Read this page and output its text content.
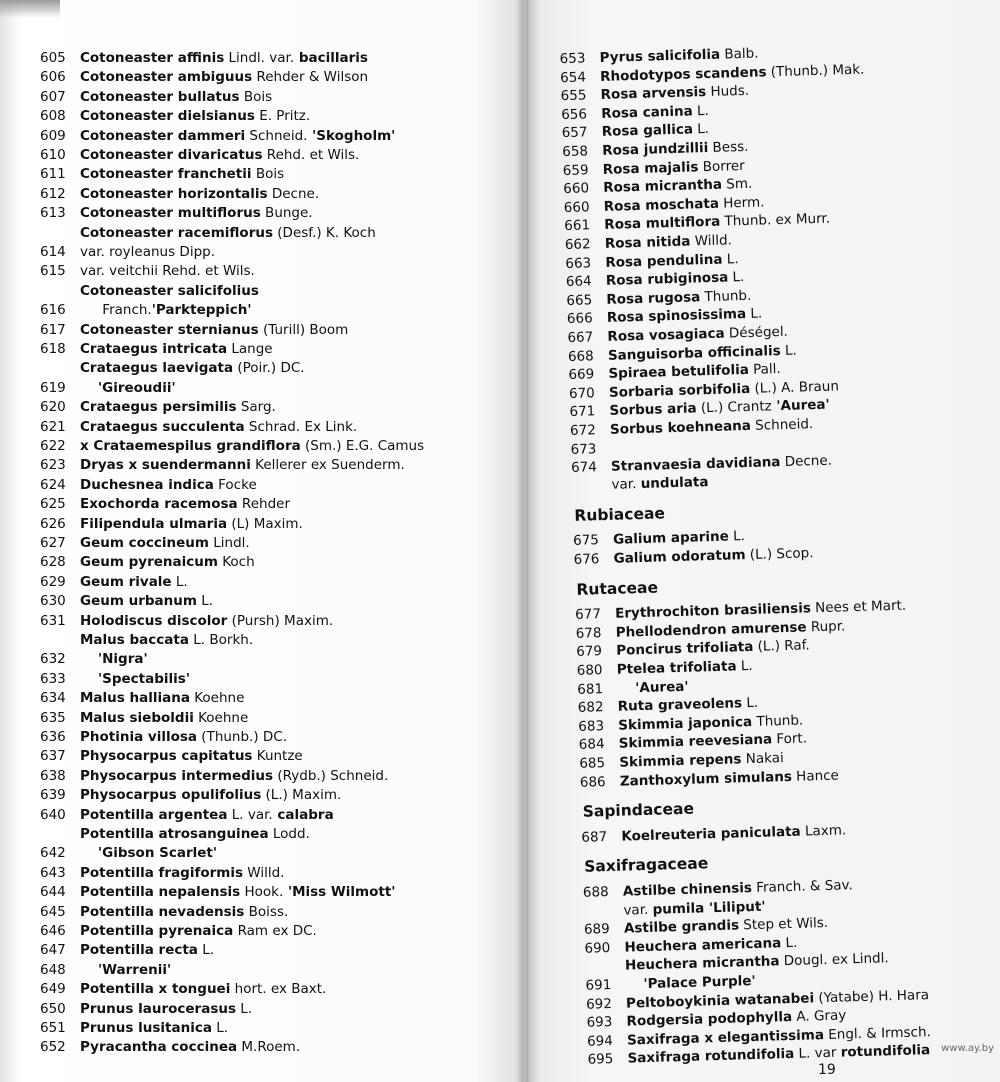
605 Cotoneaster affinis Lindl. var. bacillaris
606 Cotoneaster ambiguus Rehder & Wilson
607 Cotoneaster bullatus Bois
608 Cotoneaster dielsianus E. Pritz.
609 Cotoneaster dammeri Schneid. 'Skogholm'
610 Cotoneaster divaricatus Rehd. et Wils.
611 Cotoneaster franchetii Bois
612 Cotoneaster horizontalis Decne.
613 Cotoneaster multiflorus Bunge.
Cotoneaster racemiflorus (Desf.) K. Koch
614 var. royleanus Dipp.
615 var. veitchii Rehd. et Wils.
Cotoneaster salicifolius
616 Franch.'Parkteppich'
617 Cotoneaster sternianus (Turill) Boom
618 Crataegus intricata Lange
Crataegus laevigata (Poir.) DC.
619 'Gireoudii'
620 Crataegus persimilis Sarg.
621 Crataegus succulenta Schrad. Ex Link.
622 x Crataemespilus grandiflora (Sm.) E.G. Camus
623 Dryas x suendermanni Kellerer ex Suenderm.
624 Duchesnea indica Focke
625 Exochorda racemosa Rehder
626 Filipendula ulmaria (L) Maxim.
627 Geum coccineum Lindl.
628 Geum pyrenaicum Koch
629 Geum rivale L.
630 Geum urbanum L.
631 Holodiscus discolor (Pursh) Maxim.
Malus baccata L. Borkh.
632 'Nigra'
633 'Spectabilis'
634 Malus halliana Koehne
635 Malus sieboldii Koehne
636 Photinia villosa (Thunb.) DC.
637 Physocarpus capitatus Kuntze
638 Physocarpus intermedius (Rydb.) Schneid.
639 Physocarpus opulifolius (L.) Maxim.
640 Potentilla argentea L. var. calabra
Potentilla atrosanguinea Lodd.
642 'Gibson Scarlet'
643 Potentilla fragiformis Willd.
644 Potentilla nepalensis Hook. 'Miss Wilmott'
645 Potentilla nevadensis Boiss.
646 Potentilla pyrenaica Ram ex DC.
647 Potentilla recta L.
648 'Warrenii'
649 Potentilla x tonguei hort. ex Baxt.
650 Prunus laurocerasus L.
651 Prunus lusitanica L.
652 Pyracantha coccinea M.Roem.
653 Pyrus salicifolia Balb.
654 Rhodotypos scandens (Thunb.) Mak.
655 Rosa arvensis Huds.
656 Rosa canina L.
657 Rosa gallica L.
658 Rosa jundzillii Bess.
659 Rosa majalis Borrer
660 Rosa micrantha Sm.
660 Rosa moschata Herm.
661 Rosa multiflora Thunb. ex Murr.
662 Rosa nitida Willd.
663 Rosa pendulina L.
664 Rosa rubiginosa L.
665 Rosa rugosa Thunb.
666 Rosa spinosissima L.
667 Rosa vosagiaca Déségel.
668 Sanguisorba officinalis L.
669 Spiraea betulifolia Pall.
670 Sorbaria sorbifolia (L.) A. Braun
671 Sorbus aria (L.) Crantz 'Aurea'
672 Sorbus koehneana Schneid.
673
674 Stranvaesia davidiana Decne.
var. undulata
Rubiaceae
675 Galium aparine L.
676 Galium odoratum (L.) Scop.
Rutaceae
677 Erythrochiton brasiliensis Nees et Mart.
678 Phellodendron amurense Rupr.
679 Poncirus trifoliata (L.) Raf.
680 Ptelea trifoliata L.
681 'Aurea'
682 Ruta graveolens L.
683 Skimmia japonica Thunb.
684 Skimmia reevesiana Fort.
685 Skimmia repens Nakai
686 Zanthoxylum simulans Hance
Sapindaceae
687 Koelreuteria paniculata Laxm.
Saxifragaceae
688 Astilbe chinensis Franch. & Sav.
var. pumila 'Liliput'
689 Astilbe grandis Step et Wils.
690 Heuchera americana L.
Heuchera micrantha Dougl. ex Lindl.
691 'Palace Purple'
692 Peltoboykinia watanabei (Yatabe) H. Hara
693 Rodgersia podophylla A. Gray
694 Saxifraga x elegantissima Engl. & Irmsch.
695 Saxifraga rotundifolia L. var rotundifolia
19
www.ay.by
